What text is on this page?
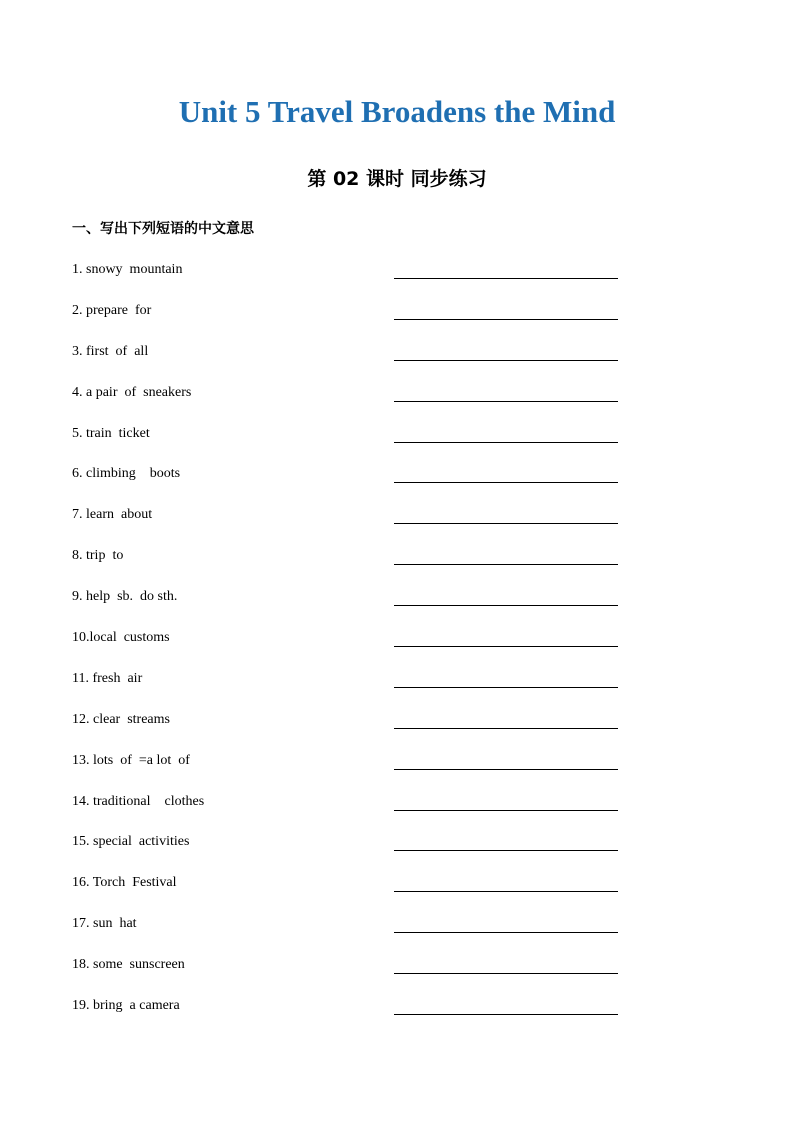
Unit 5 Travel Broadens the Mind
第 02 课时 同步练习
一、写出下列短语的中文意思
1. snowy  mountain
2. prepare  for
3. first  of  all
4. a pair  of  sneakers
5. train  ticket
6. climbing    boots
7. learn  about
8. trip  to
9. help  sb.  do sth.
10.local  customs
11. fresh  air
12. clear  streams
13. lots  of  =a lot  of
14. traditional    clothes
15. special  activities
16. Torch  Festival
17. sun  hat
18. some  sunscreen
19. bring  a camera
